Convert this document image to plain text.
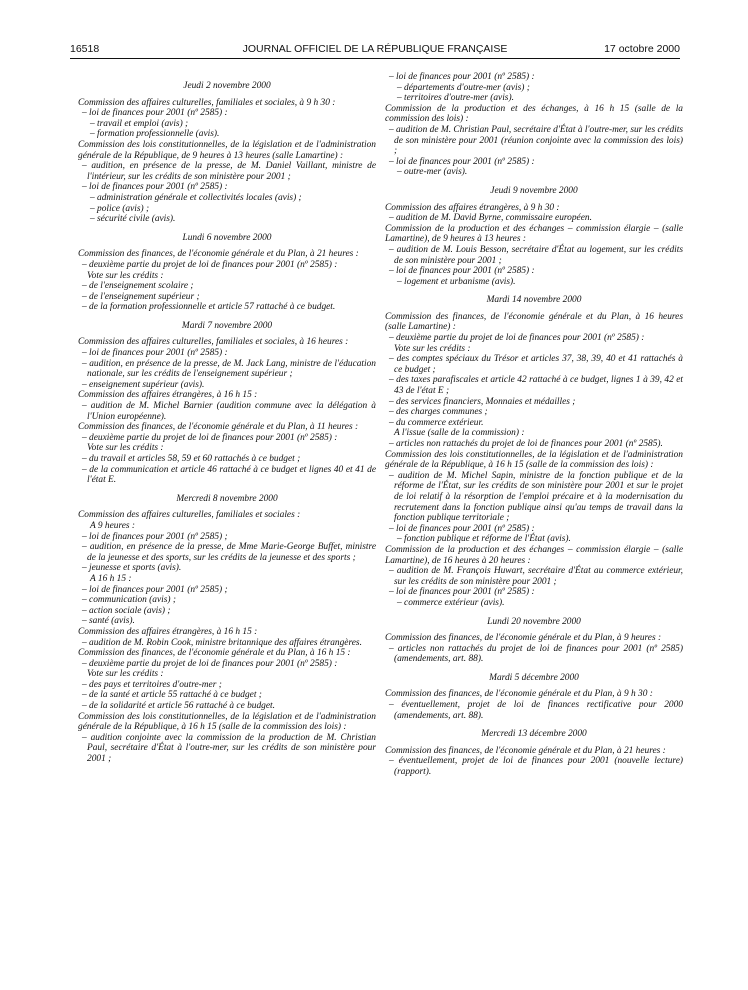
16518	JOURNAL OFFICIEL DE LA RÉPUBLIQUE FRANÇAISE	17 octobre 2000
Jeudi 2 novembre 2000
Commission des affaires culturelles, familiales et sociales, à 9 h 30 :
– loi de finances pour 2001 (nº 2585) :
– travail et emploi (avis) ;
– formation professionnelle (avis).
Commission des lois constitutionnelles, de la législation et de l'administration générale de la République, de 9 heures à 13 heures (salle Lamartine) :
– audition, en présence de la presse, de M. Daniel Vaillant, ministre de l'intérieur, sur les crédits de son ministère pour 2001 ;
– loi de finances pour 2001 (nº 2585) :
– administration générale et collectivités locales (avis) ;
– police (avis) ;
– sécurité civile (avis).
Lundi 6 novembre 2000
Commission des finances, de l'économie générale et du Plan, à 21 heures :
– deuxième partie du projet de loi de finances pour 2001 (nº 2585) :
Vote sur les crédits :
– de l'enseignement scolaire ;
– de l'enseignement supérieur ;
– de la formation professionnelle et article 57 rattaché à ce budget.
Mardi 7 novembre 2000
Commission des affaires culturelles, familiales et sociales, à 16 heures :
– loi de finances pour 2001 (nº 2585) :
– audition, en présence de la presse, de M. Jack Lang, ministre de l'éducation nationale, sur les crédits de l'enseignement supérieur ;
– enseignement supérieur (avis).
Commission des affaires étrangères, à 16 h 15 :
– audition de M. Michel Barnier (audition commune avec la délégation à l'Union européenne).
Commission des finances, de l'économie générale et du Plan, à 11 heures :
– deuxième partie du projet de loi de finances pour 2001 (nº 2585) :
Vote sur les crédits :
– du travail et articles 58, 59 et 60 rattachés à ce budget ;
– de la communication et article 46 rattaché à ce budget et lignes 40 et 41 de l'état E.
Mercredi 8 novembre 2000
Commission des affaires culturelles, familiales et sociales :
A 9 heures :
– loi de finances pour 2001 (nº 2585) ;
– audition, en présence de la presse, de Mme Marie-George Buffet, ministre de la jeunesse et des sports, sur les crédits de la jeunesse et des sports ;
– jeunesse et sports (avis).
A 16 h 15 :
– loi de finances pour 2001 (nº 2585) ;
– communication (avis) ;
– action sociale (avis) ;
– santé (avis).
Commission des affaires étrangères, à 16 h 15 :
– audition de M. Robin Cook, ministre britannique des affaires étrangères.
Commission des finances, de l'économie générale et du Plan, à 16 h 15 :
– deuxième partie du projet de loi de finances pour 2001 (nº 2585) :
Vote sur les crédits :
– des pays et territoires d'outre-mer ;
– de la santé et article 55 rattaché à ce budget ;
– de la solidarité et article 56 rattaché à ce budget.
Commission des lois constitutionnelles, de la législation et de l'administration générale de la République, à 16 h 15 (salle de la commission des lois) :
– audition conjointe avec la commission de la production de M. Christian Paul, secrétaire d'État à l'outre-mer, sur les crédits de son ministère pour 2001 ;
– loi de finances pour 2001 (nº 2585) :
– départements d'outre-mer (avis) ;
– territoires d'outre-mer (avis).
Commission de la production et des échanges, à 16 h 15 (salle de la commission des lois) :
– audition de M. Christian Paul, secrétaire d'État à l'outre-mer, sur les crédits de son ministère pour 2001 (réunion conjointe avec la commission des lois) ;
– loi de finances pour 2001 (nº 2585) :
– outre-mer (avis).
Jeudi 9 novembre 2000
Commission des affaires étrangères, à 9 h 30 :
– audition de M. David Byrne, commissaire européen.
Commission de la production et des échanges – commission élargie – (salle Lamartine), de 9 heures à 13 heures :
– audition de M. Louis Besson, secrétaire d'État au logement, sur les crédits de son ministère pour 2001 ;
– loi de finances pour 2001 (nº 2585) :
– logement et urbanisme (avis).
Mardi 14 novembre 2000
Commission des finances, de l'économie générale et du Plan, à 16 heures (salle Lamartine) :
– deuxième partie du projet de loi de finances pour 2001 (nº 2585) :
Vote sur les crédits :
– des comptes spéciaux du Trésor et articles 37, 38, 39, 40 et 41 rattachés à ce budget ;
– des taxes parafiscales et article 42 rattaché à ce budget, lignes 1 à 39, 42 et 43 de l'état E ;
– des services financiers, Monnaies et médailles ;
– des charges communes ;
– du commerce extérieur.
A l'issue (salle de la commission) :
– articles non rattachés du projet de loi de finances pour 2001 (nº 2585).
Commission des lois constitutionnelles, de la législation et de l'administration générale de la République, à 16 h 15 (salle de la commission des lois) :
– audition de M. Michel Sapin, ministre de la fonction publique et de la réforme de l'État, sur les crédits de son ministère pour 2001 et sur le projet de loi relatif à la résorption de l'emploi précaire et à la modernisation du recrutement dans la fonction publique ainsi qu'au temps de travail dans la fonction publique territoriale ;
– loi de finances pour 2001 (nº 2585) :
– fonction publique et réforme de l'État (avis).
Commission de la production et des échanges – commission élargie – (salle Lamartine), de 16 heures à 20 heures :
– audition de M. François Huwart, secrétaire d'État au commerce extérieur, sur les crédits de son ministère pour 2001 ;
– loi de finances pour 2001 (nº 2585) :
– commerce extérieur (avis).
Lundi 20 novembre 2000
Commission des finances, de l'économie générale et du Plan, à 9 heures :
– articles non rattachés du projet de loi de finances pour 2001 (nº 2585) (amendements, art. 88).
Mardi 5 décembre 2000
Commission des finances, de l'économie générale et du Plan, à 9 h 30 :
– éventuellement, projet de loi de finances rectificative pour 2000 (amendements, art. 88).
Mercredi 13 décembre 2000
Commission des finances, de l'économie générale et du Plan, à 21 heures :
– éventuellement, projet de loi de finances pour 2001 (nouvelle lecture) (rapport).
